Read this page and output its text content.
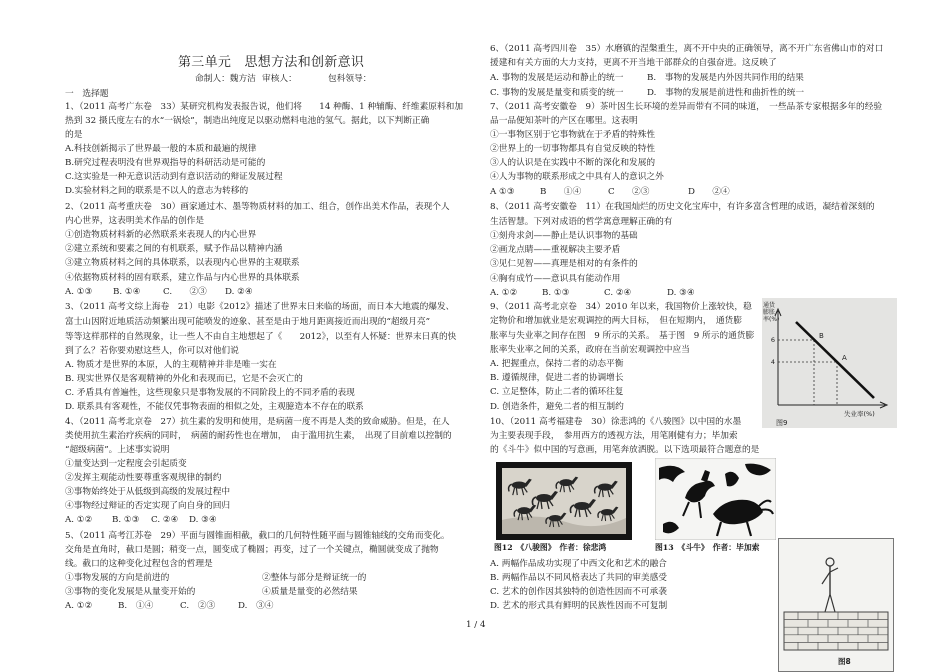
第三单元　思想方法和创新意识
命制人：魏方洁 审核人：	包科领导：
一　选择题
1、（2011 高考广东卷　33）某研究机构发表报告说，他们将　　14 种酶、1 种辅酶、纤维素原料和加
热到 32 摄氏度左右的水“一锅烩”，制造出纯度足以驱动燃料电池的氢气。据此，以下判断正确
的是
A.科技创新揭示了世界最一般的本质和最遍的规律
B.研究过程表明没有世界观指导的科研活动是可能的
C.这实验是一种无意识活动到有意识活动的辩证发展过程
D.实验材料之间的联系是不以人的意志为转移的
2、（2011 高考重庆卷　30）画家通过木、墨等物质材料的加工、组合，创作出美术作品，表现个人
内心世界，这表明美术作品的创作是
①创造物质材料新的必然联系来表现人的内心世界
②建立系统和要素之间的有机联系，赋予作品以精神内涵
③建立物质材料之间的具体联系，以表现内心世界的主观联系
④依据物质材料的固有联系，建立作品与内心世界的具体联系
A. ①③ B. ①④	C.　　②③ D. ②④
3、（2011 高考文综上海卷　21）电影《2012》描述了世界末日来临的场面，而日本大地震的爆发、
富士山因附近地质活动频繁出现可能喷发的迹象、甚至是由于地月距离接近而出现的“超级月亮”
等等这样那样的自然现象，让一些人不由自主地想起了《　　2012》，以至有人怀疑：世界末日真的快
到了么？若你要劝慰这些人，你可以对他们说
A. 物质才是世界的本原，人的主观精神并非是唯一实在
B. 现实世界仅是客观精神的外化和表现而已，它是不会灭亡的
C. 矛盾具有普遍性，这些现象只是事物发展的不同阶段上的不同矛盾的表现
D. 联系具有客观性，不能仅凭事物表面的相似之处，主观臆造本不存在的联系
4、（2011 高考北京卷　27）抗生素的发明和使用，是病菌一度不再是人类的致命威胁。但是，在人
类使用抗生素治疗疾病的同时，　病菌的耐药性也在增加，　由于滥用抗生素，　出现了目前难以控制的
“超级病菌”。上述事实说明
①量变达到一定程度会引起质变
②发挥主观能动性要尊重客观规律的制约
③事物始终处于从低级到高级的发展过程中
④事物经过辩证的否定实现了向自身的回归
A. ①② B. ①③ C. ②④ D. ③④
5、（2011 高考江苏卷　29）平面与圆锥面相截，截口的几何特性随平面与圆锥轴线的交角而变化。
交角是直角时，截口是圆；稍变一点，圆变成了椭圆；再变，过了一个关键点，椭圆就变成了抛物
线。截口的这种变化过程包含的哲理是
①事物发展的方向是前进的	②整体与部分是辩证统一的
③事物的变化发展是从量变开始的	④质量是量变的必然结果
A. ①②	B.　①④	C.　②③	D.　③④
6、（2011 高考四川卷　35）水磨镇的涅槃重生，离不开中央的正确领导，离不开广东省佛山市的对口
援建和有关方面的大力支持，更离不开当地干部群众的自强奋进。这反映了
A. 事物的发展是运动和静止的统一	B.　事物的发展是内外因共同作用的结果
C. 事物的发展是量变和质变的统一	D.　事物的发展是前进性和曲折性的统一
7、（2011 高考安徽卷　9）茶叶因生长环境的差异而带有不同的味道，　一些品茶专家根据多年的经验
品一品便知茶叶的产区在哪里。这表明
①一事物区别于它事物就在于矛盾的特殊性
②世界上的一切事物都具有自觉反映的特性
③人的认识是在实践中不断的深化和发展的
④人为事物的联系形成之中具有人的意识之外
A ①③	B　　①④	C　　②③	D　　②④
8、（2011 高考安徽卷　11）在我国灿烂的历史文化宝库中，有许多富含哲理的成语，凝结着深刻的
生活智慧。下列对成语的哲学寓意理解正确的有
①刻舟求剑——静止是认识事物的基础
②画龙点睛——重视解决主要矛盾
③见仁见智——真理是相对的有条件的
④胸有成竹——意识具有能动作用
A. ①②	B. ①③	C. ②④	D. ③④
9、（2011 高考北京卷　34）2010 年以来，我国物价上涨较快，稳
定物价和增加就业是宏观调控的两大目标，　但在短期内，　通货膨
胀率与失业率之间存在图　9 所示的关系。　基于图　9 所示的通货膨
胀率失业率之间的关系，政府在当前宏观调控中应当
A. 把握重点，保持二者的动态平衡
B. 遵循规律，促进二者的协调增长
C. 立足整体，防止二者的循环往复
D. 创造条件，避免二者的相互制约
通货
膨胀
率(%)
6
4
B
A
失业率(%)
图9
10、（2011 高考福建卷　30）徐悲鸿的《八骏图》以中国的水墨
为主要表现手段，　参用西方的透视方法，用笔刚健有力；毕加索
的《斗牛》似中国的写意画，用笔奔放洒脱。以下选项最符合题意的是
图12　《八骏图》　作者：徐悲鸿	图13　《斗牛》　作者：毕加索
A. 两幅作品成功实现了中西文化和艺术的融合
B. 两幅作品以不同风格表达了共同的审美感受
C. 艺术的创作因其独特的创造性因而不可承袭
D. 艺术的形式具有鲜明的民族性因而不可复制
图8
1 / 4
